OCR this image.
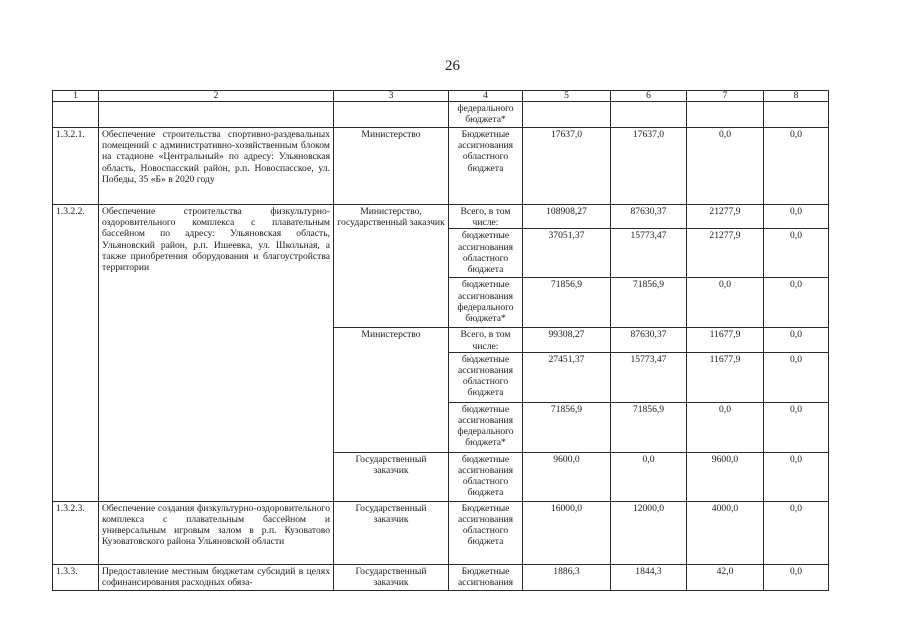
26
1	2	3	4	5	6	7	8
			федерального бюджета*				
1.3.2.1.	Обеспечение строительства спортивно-раздевальных помещений с административно-хозяйственным блоком на стадионе «Центральный» по адресу: Ульяновская область, Новоспасский район, р.п. Новоспасское, ул. Победы, 35 «Б» в 2020 году	Министерство	Бюджетные ассигнования областного бюджета	17637,0	17637,0	0,0	0,0
1.3.2.2.	Обеспечение строительства физкультурно-оздоровительного комплекса с плавательным бассейном по адресу: Ульяновская область, Ульяновский район, р.п. Ишеевка, ул. Школьная, а также приобретения оборудования и благоустройства территории	Министерство, государственный заказчик	Всего, в том числе:	108908,27	87630,37	21277,9	0,0
			бюджетные ассигнования областного бюджета	37051,37	15773,47	21277,9	0,0
			бюджетные ассигнования федерального бюджета*	71856,9	71856,9	0,0	0,0
		Министерство	Всего, в том числе:	99308,27	87630,37	11677,9	0,0
			бюджетные ассигнования областного бюджета	27451,37	15773,47	11677,9	0,0
			бюджетные ассигнования федерального бюджета*	71856,9	71856,9	0,0	0,0
		Государственный заказчик	бюджетные ассигнования областного бюджета	9600,0	0,0	9600,0	0,0
1.3.2.3.	Обеспечение создания физкультурно-оздоровительного комплекса с плавательным бассейном и универсальным игровым залом в р.п. Кузоватово Кузоватовского района Ульяновской области	Государственный заказчик	Бюджетные ассигнования областного бюджета	16000,0	12000,0	4000,0	0,0
1.3.3.	Предоставление местным бюджетам субсидий в целях софинансирования расходных обяза-	Государственный заказчик	Бюджетные ассигнования	1886,3	1844,3	42,0	0,0
